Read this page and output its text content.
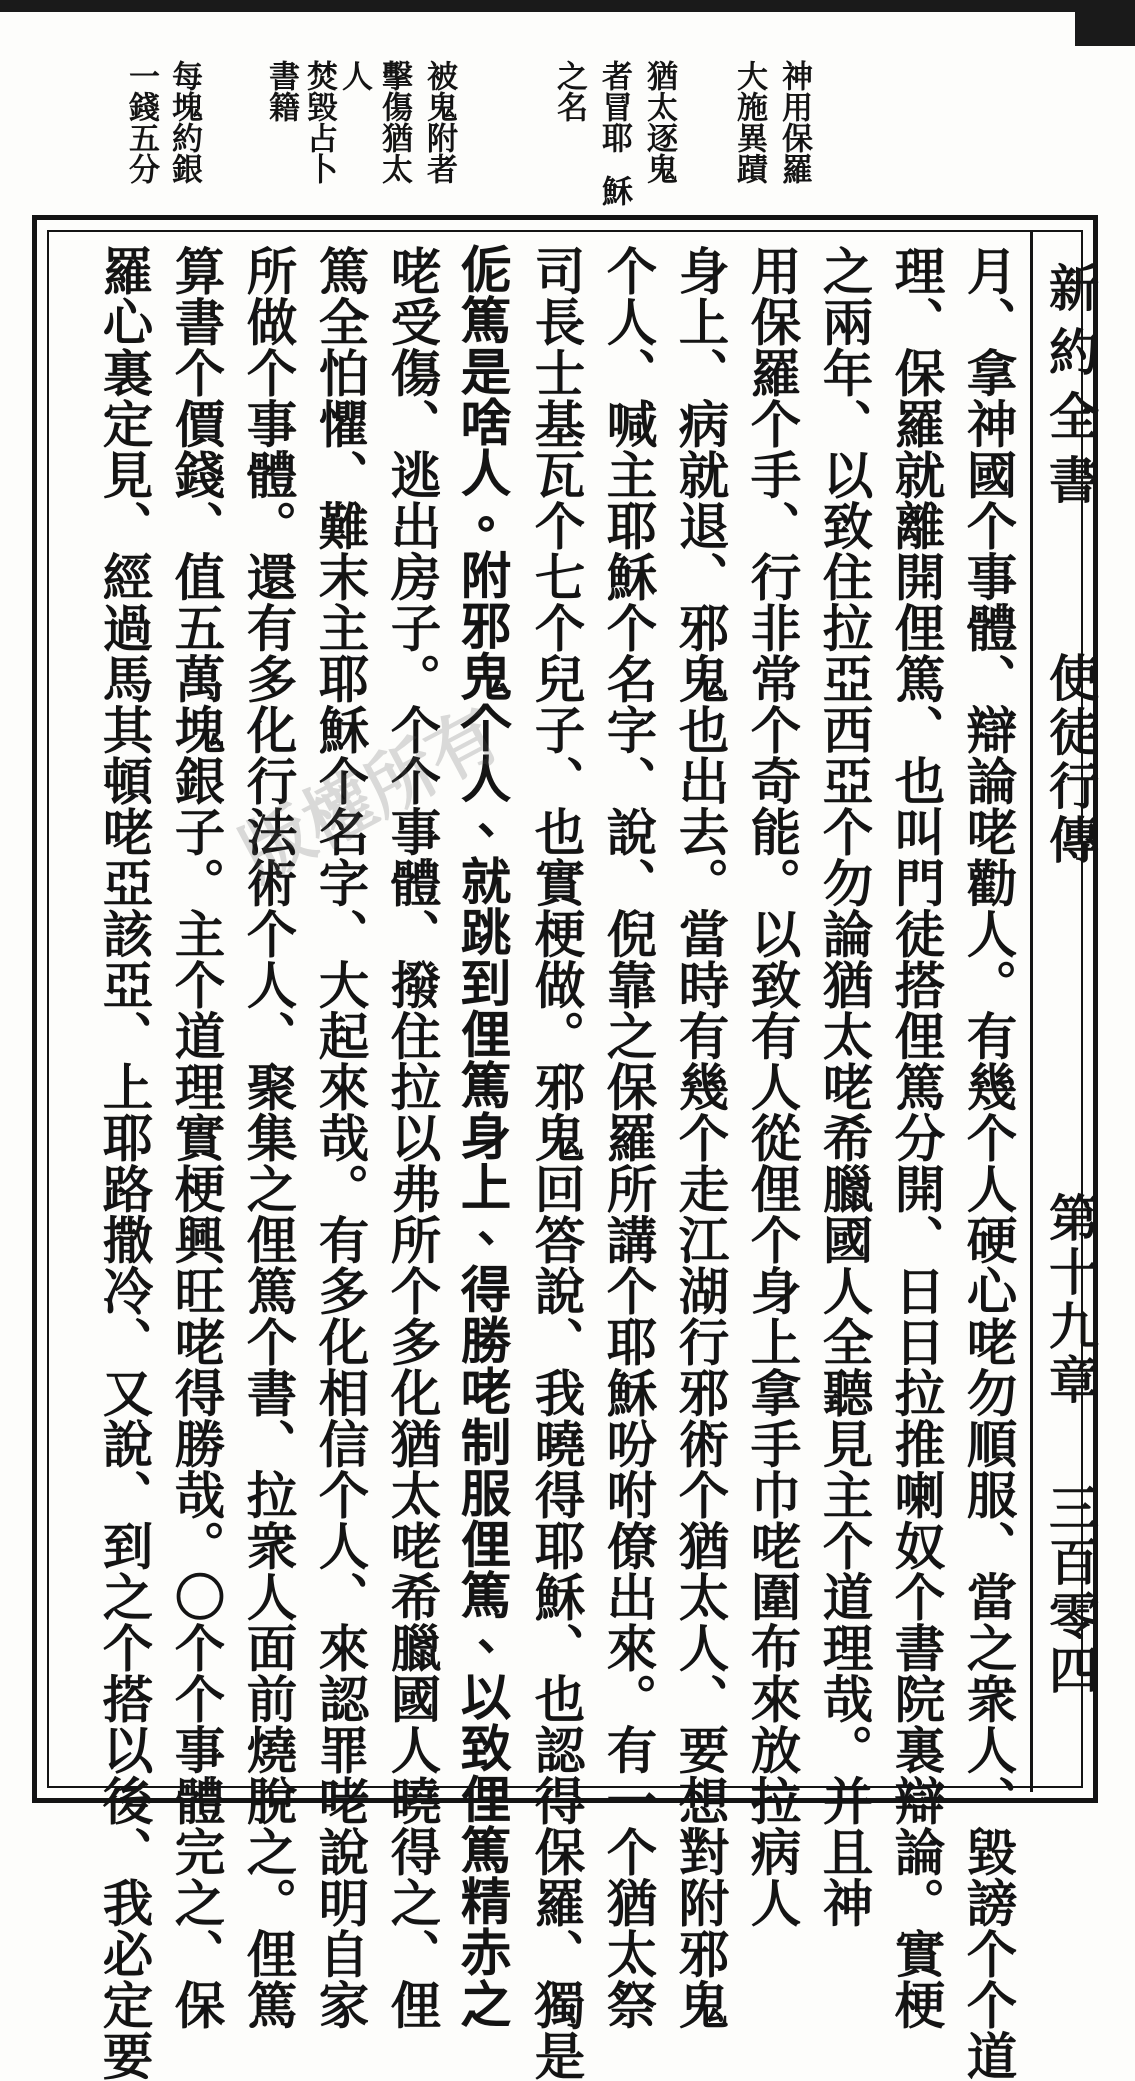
神用保羅
大施異蹟
猶太逐鬼
者冒耶
之名
穌
被鬼附者
擊傷猶太
人
焚毀占卜
書籍
每塊約銀
一錢五分
新約全書
使徒行傳
第十九章
三百零四
月、拿神國个事體、辯論咾勸人。有幾个人硬心咾勿順服、當之衆人、毀謗个个道
理、保羅就離開俚篤、也叫門徒搭俚篤分開、日日拉推喇奴个書院裏辯論。實梗
之兩年、以致住拉亞西亞个勿論猶太咾希臘國人全聽見主个道理哉。并且神
用保羅个手、行非常个奇能。以致有人從俚个身上拿手巾咾圍布來放拉病人
身上、病就退、邪鬼也出去。當時有幾个走江湖行邪術个猶太人、要想對附邪鬼
个人、喊主耶穌个名字、說、倪靠之保羅所講个耶穌吩咐僚出來。有一个猶太祭
司長士基瓦个七个兒子、也實梗做。邪鬼回答說、我曉得耶穌、也認得保羅、獨是
𠈁篤是啥人。附邪鬼个人、就跳到俚篤身上、得勝咾制服俚篤、以致俚篤精赤之
咾受傷、逃出房子。个个事體、撥住拉以弗所个多化猶太咾希臘國人曉得之、俚
篤全怕懼、難末主耶穌个名字、大起來哉。有多化相信个人、來認罪咾說明自家
所做个事體。還有多化行法術个人、聚集之俚篤个書、拉衆人面前燒脫之。俚篤
算書个價錢、值五萬塊銀子。主个道理實梗興旺咾得勝哉。〇个个事體完之、保
羅心裏定見、經過馬其頓咾亞該亞、上耶路撒冷、又說、到之个搭以後、我必定要 版權所有
